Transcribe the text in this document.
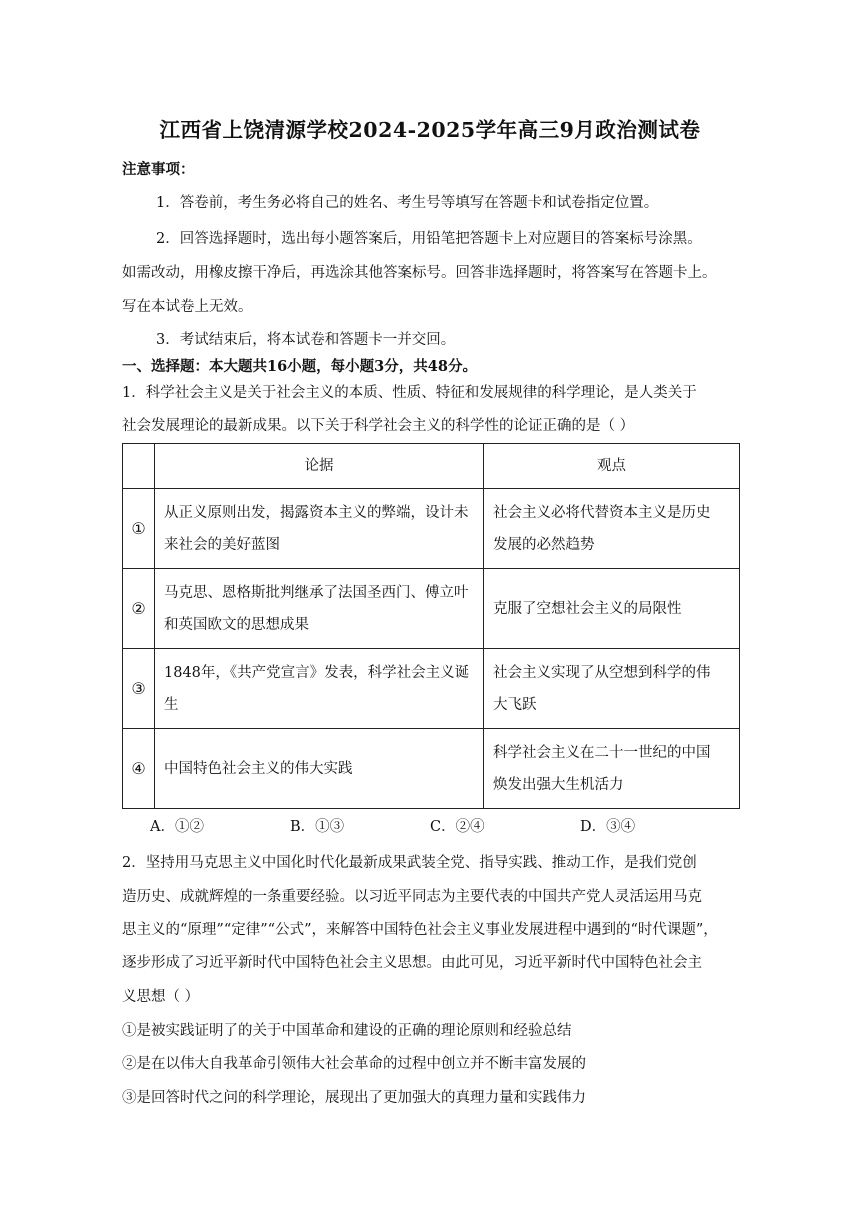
江西省上饶清源学校2024-2025学年高三9月政治测试卷
注意事项：
1．答卷前，考生务必将自己的姓名、考生号等填写在答题卡和试卷指定位置。
2．回答选择题时，选出每小题答案后，用铅笔把答题卡上对应题目的答案标号涂黑。
如需改动，用橡皮擦干净后，再选涂其他答案标号。回答非选择题时，将答案写在答题卡上。
写在本试卷上无效。
3．考试结束后，将本试卷和答题卡一并交回。
一、选择题：本大题共16小题，每小题3分，共48分。
1．科学社会主义是关于社会主义的本质、性质、特征和发展规律的科学理论，是人类关于
社会发展理论的最新成果。以下关于科学社会主义的科学性的论证正确的是（ ）
	论据	观点
①	从正义原则出发，揭露资本主义的弊端，设计未
来社会的美好蓝图	社会主义必将代替资本主义是历史
发展的必然趋势
②	马克思、恩格斯批判继承了法国圣西门、傅立叶
和英国欧文的思想成果	克服了空想社会主义的局限性
③	1848年，《共产党宣言》发表，科学社会主义诞
生	社会主义实现了从空想到科学的伟
大飞跃
④	中国特色社会主义的伟大实践	科学社会主义在二十一世纪的中国
焕发出强大生机活力
A．①②	B．①③	C．②④	D．③④
2．坚持用马克思主义中国化时代化最新成果武装全党、指导实践、推动工作，是我们党创
造历史、成就辉煌的一条重要经验。以习近平同志为主要代表的中国共产党人灵活运用马克
思主义的“原理”“定律”“公式”，来解答中国特色社会主义事业发展进程中遇到的“时代课题”，
逐步形成了习近平新时代中国特色社会主义思想。由此可见，习近平新时代中国特色社会主
义思想（ ）
①是被实践证明了的关于中国革命和建设的正确的理论原则和经验总结
②是在以伟大自我革命引领伟大社会革命的过程中创立并不断丰富发展的
③是回答时代之问的科学理论，展现出了更加强大的真理力量和实践伟力
